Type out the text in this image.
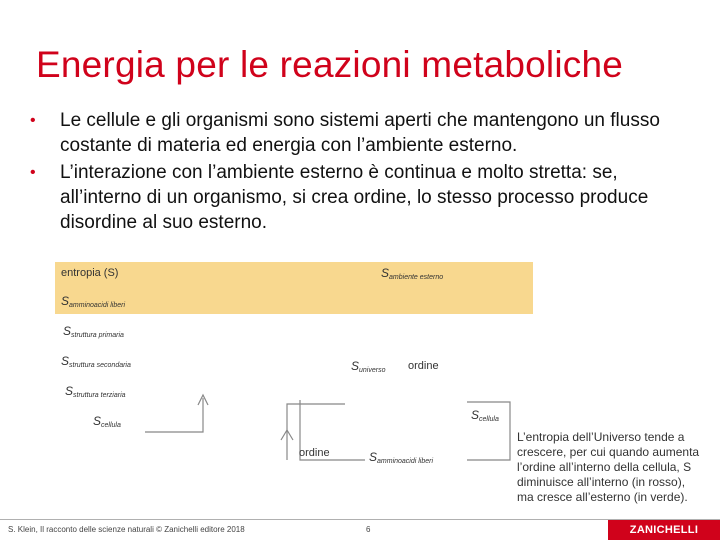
Energia per le reazioni metaboliche
• Le cellule e gli organismi sono sistemi aperti che mantengono un flusso costante di materia ed energia con l’ambiente esterno.
• L’interazione con l’ambiente esterno è continua e molto stretta: se, all’interno di un organismo, si crea ordine, lo stesso processo produce disordine al suo esterno.
entropia (S)	$S_{ambiente esterno}$
$S_{amminoacidi liberi}$
$S_{struttura primaria}$
$S_{struttura secondaria}$
$S_{struttura terziaria}$
$S_{cellula}$
$S_{universo}$ ordine
$S_{cellula}$
ordine	$S_{amminoacidi liberi}$
L’entropia dell’Universo tende a crescere, per cui quando aumenta l’ordine all’interno della cellula, S diminuisce all’interno (in rosso), ma cresce all’esterno (in verde).
S. Klein, Il racconto delle scienze naturali © Zanichelli editore 2018	6	ZANICHELLI
